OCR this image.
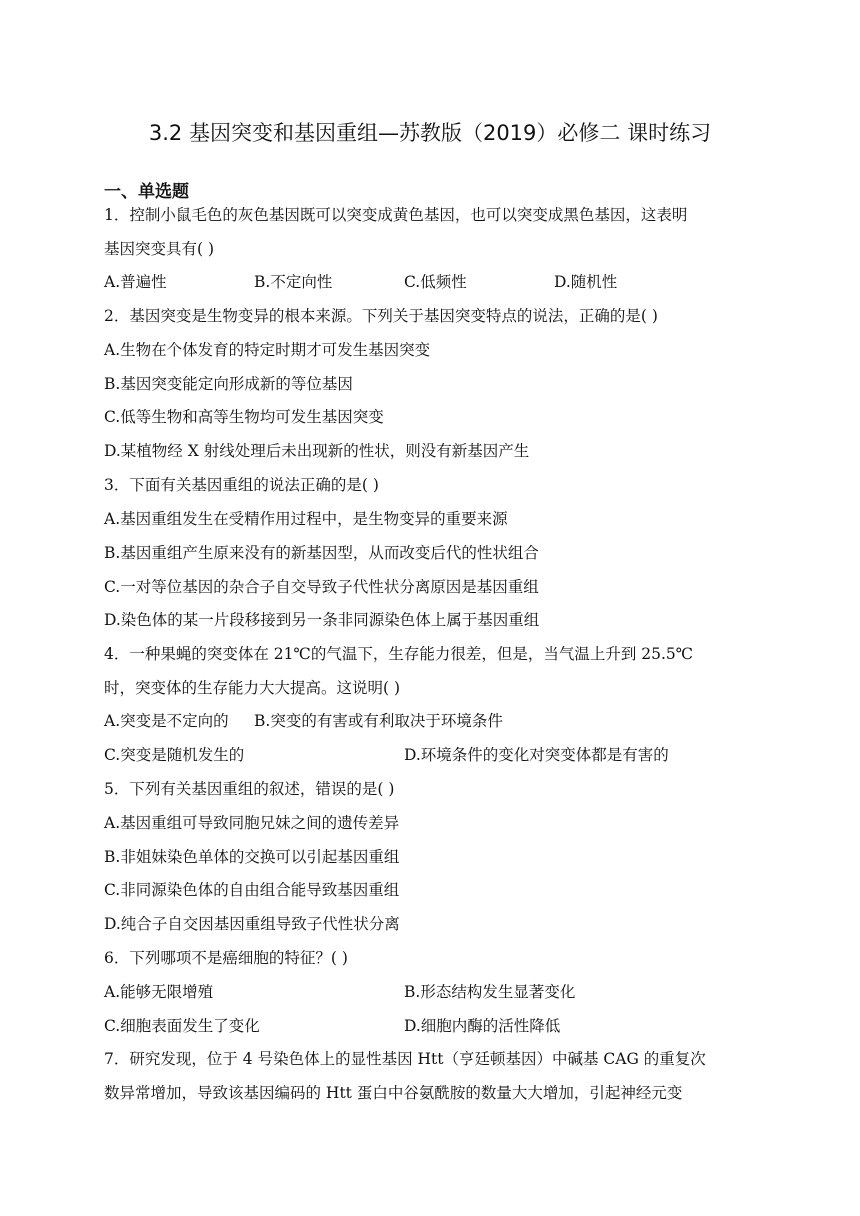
3.2 基因突变和基因重组—苏教版（2019）必修二 课时练习
一、单选题
1．控制小鼠毛色的灰色基因既可以突变成黄色基因，也可以突变成黑色基因，这表明
基因突变具有( )
A.普遍性	B.不定向性	C.低频性	D.随机性
2．基因突变是生物变异的根本来源。下列关于基因突变特点的说法，正确的是( )
A.生物在个体发育的特定时期才可发生基因突变
B.基因突变能定向形成新的等位基因
C.低等生物和高等生物均可发生基因突变
D.某植物经 X 射线处理后未出现新的性状，则没有新基因产生
3．下面有关基因重组的说法正确的是( )
A.基因重组发生在受精作用过程中，是生物变异的重要来源
B.基因重组产生原来没有的新基因型，从而改变后代的性状组合
C.一对等位基因的杂合子自交导致子代性状分离原因是基因重组
D.染色体的某一片段移接到另一条非同源染色体上属于基因重组
4．一种果蝇的突变体在 21℃的气温下，生存能力很差，但是，当气温上升到 25.5℃
时，突变体的生存能力大大提高。这说明( )
A.突变是不定向的 B.突变的有害或有利取决于环境条件
C.突变是随机发生的	D.环境条件的变化对突变体都是有害的
5．下列有关基因重组的叙述，错误的是( )
A.基因重组可导致同胞兄妹之间的遗传差异
B.非姐妹染色单体的交换可以引起基因重组
C.非同源染色体的自由组合能导致基因重组
D.纯合子自交因基因重组导致子代性状分离
6．下列哪项不是癌细胞的特征？( )
A.能够无限增殖	B.形态结构发生显著变化
C.细胞表面发生了变化	D.细胞内酶的活性降低
7．研究发现，位于 4 号染色体上的显性基因 Htt（亨廷顿基因）中碱基 CAG 的重复次
数异常增加，导致该基因编码的 Htt 蛋白中谷氨酰胺的数量大大增加，引起神经元变
